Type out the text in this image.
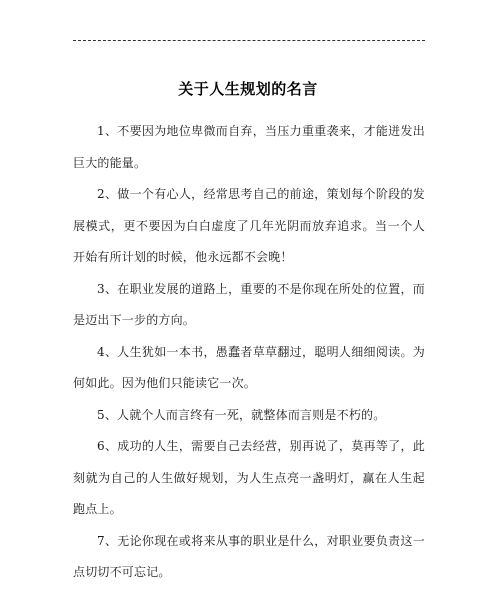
关于人生规划的名言

1、不要因为地位卑微而自弃，当压力重重袭来，才能迸发出巨大的能量。

2、做一个有心人，经常思考自己的前途，策划每个阶段的发展模式，更不要因为白白虚度了几年光阴而放弃追求。当一个人开始有所计划的时候，他永远都不会晚！

3、在职业发展的道路上，重要的不是你现在所处的位置，而是迈出下一步的方向。

4、人生犹如一本书，愚蠢者草草翻过，聪明人细细阅读。为何如此。因为他们只能读它一次。

5、人就个人而言终有一死，就整体而言则是不朽的。

6、成功的人生，需要自己去经营，别再说了，莫再等了，此刻就为自己的人生做好规划，为人生点亮一盏明灯，赢在人生起跑点上。

7、无论你现在或将来从事的职业是什么，对职业要负责这一点切切不可忘记。
